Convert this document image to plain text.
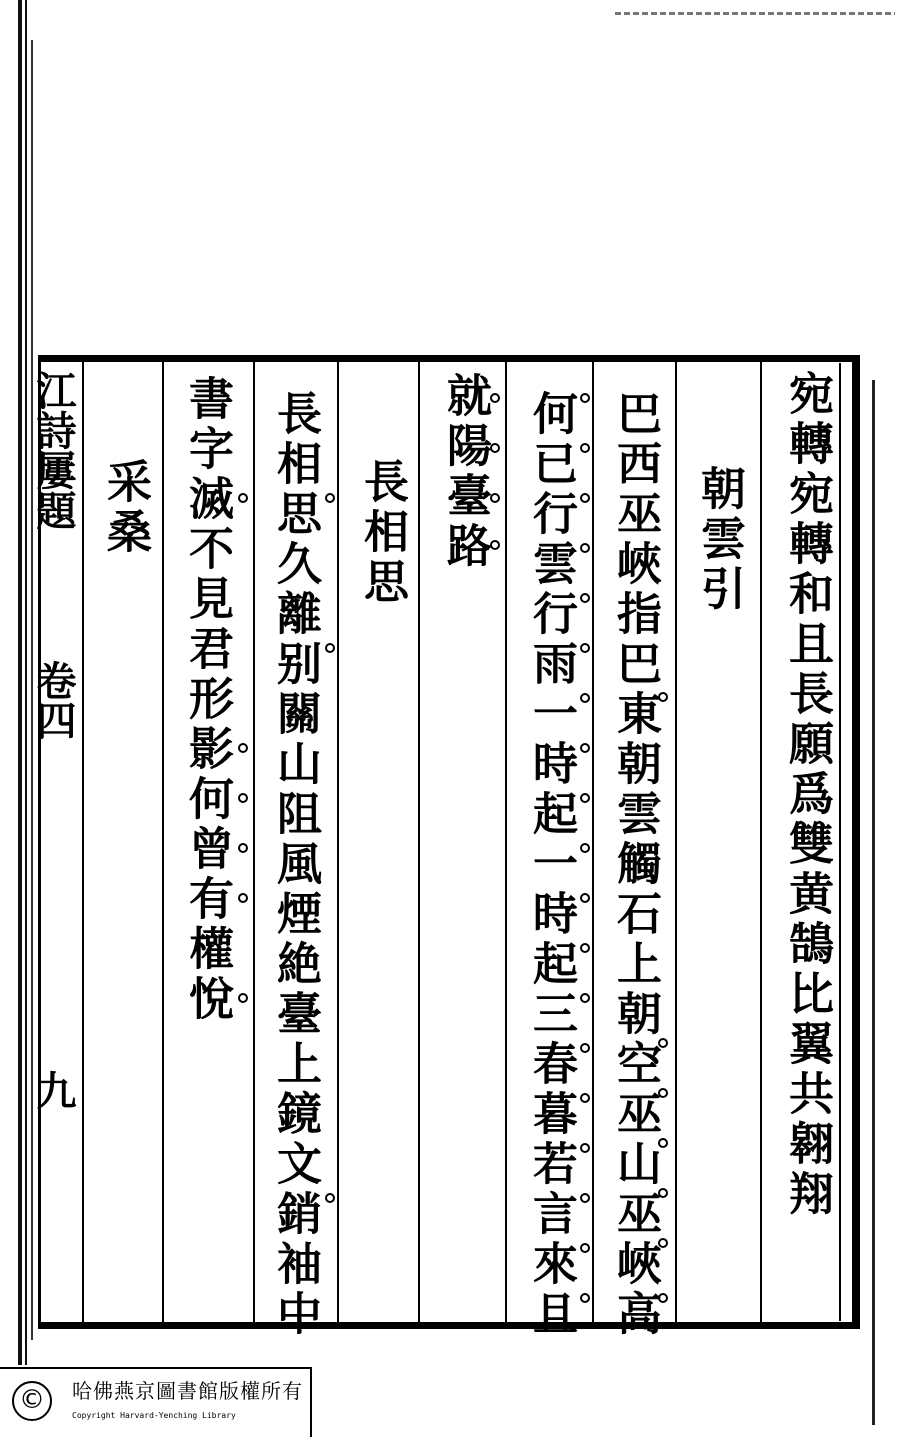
江詩屢題
卷四
九	宛轉宛轉和且長願爲雙黄鵠比翼共翱翔
朝雲引
巴西巫峽指巴東朝雲觸石上朝空巫山巫峽高
何已行雲行雨一時起一時起三春暮若言來且
就陽臺路
長相思
長相思久離别關山阻風煙絶臺上鏡文銷袖中
書字滅不見君形影何曾有權悅
采桑
©	哈佛燕京圖書館版權所有
Copyright Harvard-Yenching Library
